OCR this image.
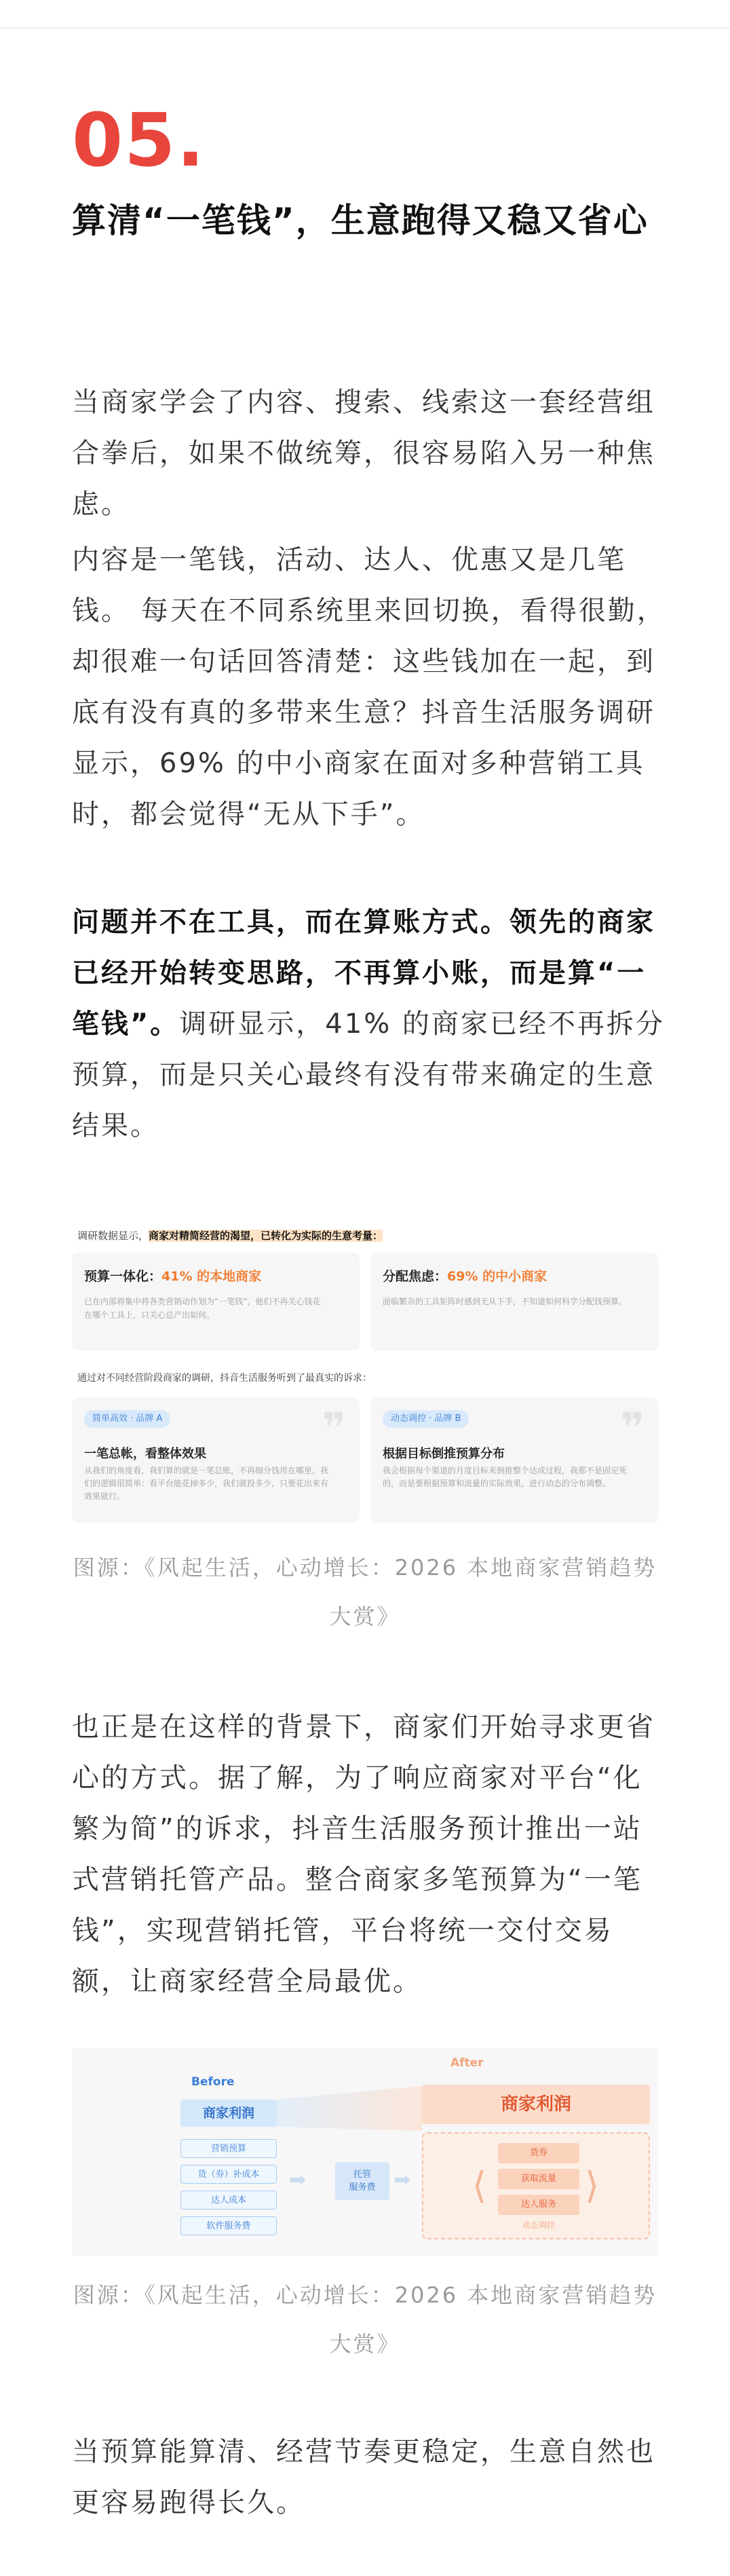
05.
算清“一笔钱”，生意跑得又稳又省心

当商家学会了内容、搜索、线索这一套经营组合拳后，如果不做统筹，很容易陷入另一种焦虑。

内容是一笔钱，活动、达人、优惠又是几笔钱。 每天在不同系统里来回切换，看得很勤，却很难一句话回答清楚：这些钱加在一起，到底有没有真的多带来生意？抖音生活服务调研显示，69% 的中小商家在面对多种营销工具时，都会觉得“无从下手”。

问题并不在工具，而在算账方式。领先的商家已经开始转变思路，不再算小账，而是算“一笔钱”。调研显示，41% 的商家已经不再拆分预算，而是只关心最终有没有带来确定的生意结果。

调研数据显示，商家对精简经营的渴望，已转化为实际的生意考量：
预算一体化：41% 的本地商家
已在内部将集中将各类营销动作划为“一笔钱”，他们不再关心钱花在哪个工具上，只关心总产出如何。
分配焦虑：69% 的中小商家
面临繁杂的工具矩阵时感到无从下手，不知道如何科学分配钱预算。
通过对不同经营阶段商家的调研，抖音生活服务听到了最真实的诉求：
简单高效 · 品牌 A	❞
一笔总帐，看整体效果
从我们的角度看，我们算的就是一笔总账，不再细分钱用在哪里。我们的逻辑很简单：看平台能花掉多少，我们就投多少，只要花出来有效果就行。
动态调控 · 品牌 B	❞
根据目标倒推预算分布
我会根据每个渠道的月度目标来倒推整个达成过程，我那不是固定死的，而是要根据预算和流量的实际效果，进行动态的分布调整。
图源：《风起生活，心动增长：2026 本地商家营销趋势大赏》

也正是在这样的背景下，商家们开始寻求更省心的方式。据了解，为了响应商家对平台“化繁为简”的诉求，抖音生活服务预计推出一站式营销托管产品。整合商家多笔预算为“一笔钱”，实现营销托管，平台将统一交付交易额，让商家经营全局最优。

Before
After
商家利润
营销预算
货（券）补成本
达人成本
软件服务费
➡	托管
服务费 ➡
商家利润
⟨	⟩
货券
获取流量
达人服务
动态调控
图源：《风起生活，心动增长：2026 本地商家营销趋势大赏》

当预算能算清、经营节奏更稳定，生意自然也更容易跑得长久。
